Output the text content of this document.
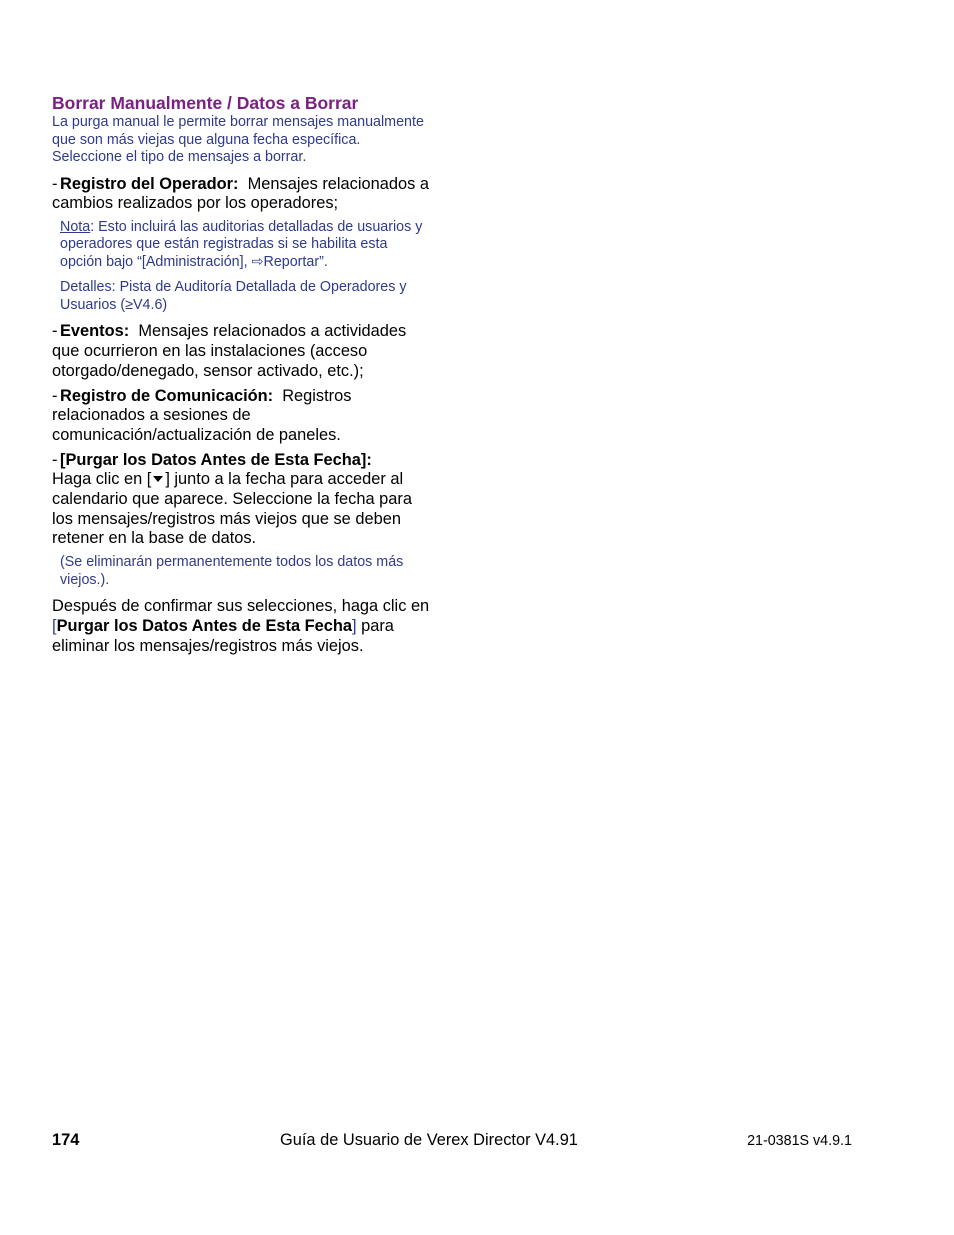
Borrar Manualmente / Datos a Borrar

La purga manual le permite borrar mensajes manualmente que son más viejas que alguna fecha específica. Seleccione el tipo de mensajes a borrar.

- Registro del Operador: Mensajes relacionados a cambios realizados por los operadores;
Nota: Esto incluirá las auditorias detalladas de usuarios y operadores que están registradas si se habilita esta opción bajo “[Administración], ⇨Reportar”.
Detalles: Pista de Auditoría Detallada de Operadores y Usuarios (≥V4.6)
- Eventos: Mensajes relacionados a actividades que ocurrieron en las instalaciones (acceso otorgado/denegado, sensor activado, etc.);
- Registro de Comunicación: Registros relacionados a sesiones de comunicación/actualización de paneles.
- [Purgar los Datos Antes de Esta Fecha]:
Haga clic en [ ] junto a la fecha para acceder al calendario que aparece. Seleccione la fecha para los mensajes/registros más viejos que se deben retener en la base de datos.
(Se eliminarán permanentemente todos los datos más viejos.).
Después de confirmar sus selecciones, haga clic en [Purgar los Datos Antes de Esta Fecha] para eliminar los mensajes/registros más viejos.
174	Guía de Usuario de Verex Director V4.91	21-0381S v4.9.1
